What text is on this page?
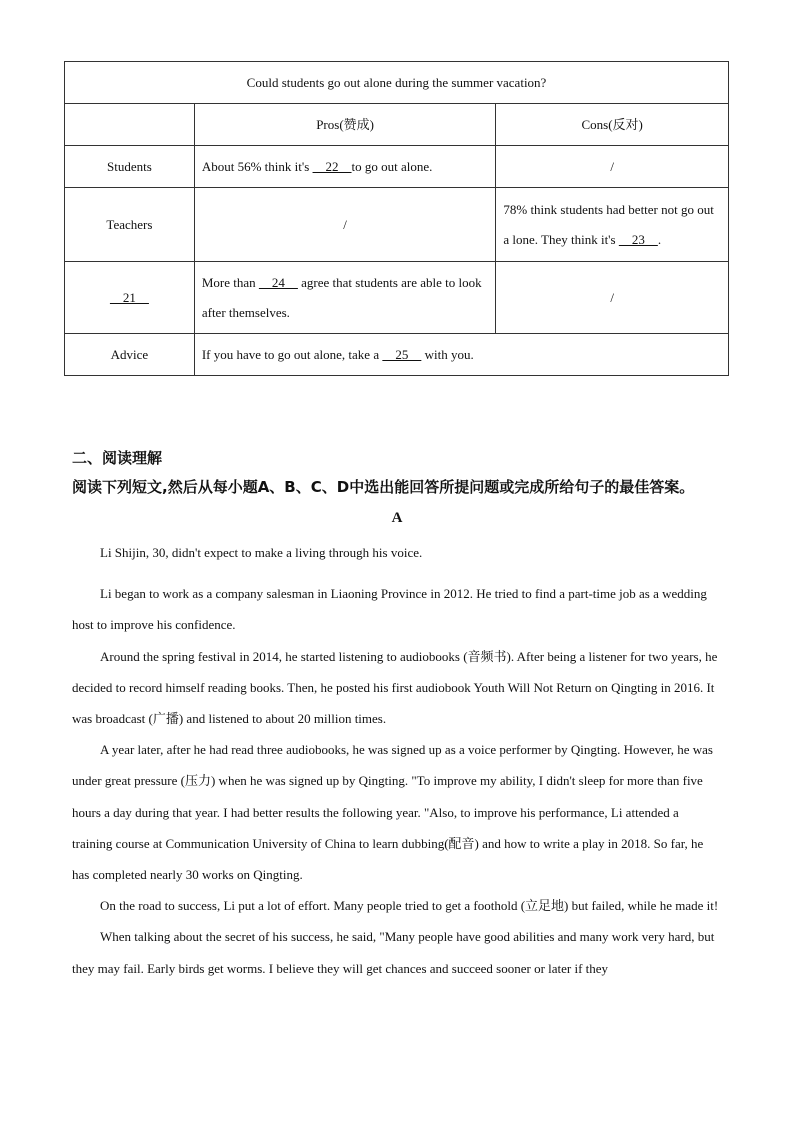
Could students go out alone during the summer vacation?		
	Pros(赞成)	Cons(反对)
Students	About 56% think it's     22    to go out alone.	/
Teachers	/	78% think students had better not go out a lone. They think it's     23    .
21	More than     24     agree that students are able to look after themselves.	/
Advice	If you have to go out alone, take a     25     with you.	
二、阅读理解
阅读下列短文,然后从每小题A、B、C、D中选出能回答所提问题或完成所给句子的最佳答案。
A

Li Shijin, 30, didn't expect to make a living through his voice.

Li began to work as a company salesman in Liaoning Province in 2012. He tried to find a part-time job as a wedding host to improve his confidence.

Around the spring festival in 2014, he started listening to audiobooks (音频书). After being a listener for two years, he decided to record himself reading books. Then, he posted his first audiobook Youth Will Not Return on Qingting in 2016. It was broadcast (广播) and listened to about 20 million times.

A year later, after he had read three audiobooks, he was signed up as a voice performer by Qingting. However, he was under great pressure (压力) when he was signed up by Qingting. "To improve my ability, I didn't sleep for more than five hours a day during that year. I had better results the following year. "Also, to improve his performance, Li attended a training course at Communication University of China to learn dubbing(配音) and how to write a play in 2018. So far, he has completed nearly 30 works on Qingting.

On the road to success, Li put a lot of effort. Many people tried to get a foothold (立足地) but failed, while he made it!

When talking about the secret of his success, he said, "Many people have good abilities and many work very hard, but they may fail. Early birds get worms. I believe they will get chances and succeed sooner or later if they
